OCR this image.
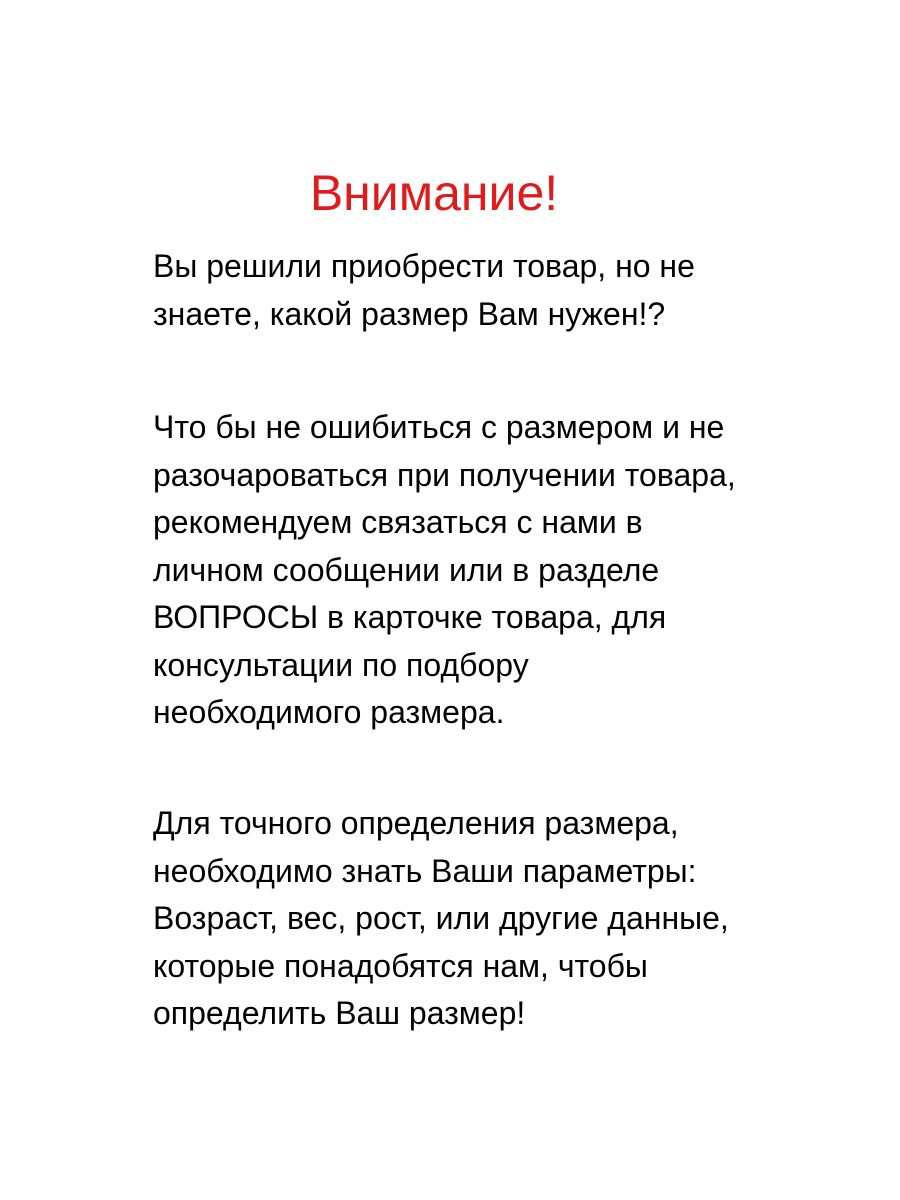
Внимание!

Вы решили приобрести товар, но не
знаете, какой размер Вам нужен!?

Что бы не ошибиться с размером и не
разочароваться при получении товара,
рекомендуем связаться с нами в
личном сообщении или в разделе
ВОПРОСЫ в карточке товара, для
консультации по подбору
необходимого размера.

Для точного определения размера,
необходимо знать Ваши параметры:
Возраст, вес, рост, или другие данные,
которые понадобятся нам, чтобы
определить Ваш размер!
